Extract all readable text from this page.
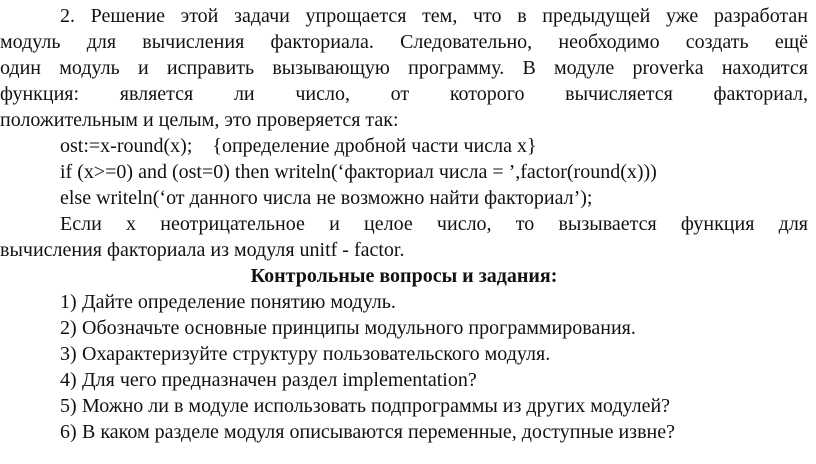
2. Решение этой задачи упрощается тем, что в предыдущей уже разработан
модуль для вычисления факториала. Следовательно, необходимо создать ещё
один модуль и исправить вызывающую программу. В модуле proverka находится
функция: является ли число, от которого вычисляется факториал,
положительным и целым, это проверяется так:
ost:=x-round(x);    {определение дробной части числа x}
if (x>=0) and (ost=0) then writeln(‘факториал числа = ’,factor(round(x)))
else writeln(‘от данного числа не возможно найти факториал’);
Если x неотрицательное и целое число, то вызывается функция для
вычисления факториала из модуля unitf - factor.
Контрольные вопросы и задания:
1) Дайте определение понятию модуль.
2) Обозначьте основные принципы модульного программирования.
3) Охарактеризуйте структуру пользовательского модуля.
4) Для чего предназначен раздел implementation?
5) Можно ли в модуле использовать подпрограммы из других модулей?
6) В каком разделе модуля описываются переменные, доступные извне?
